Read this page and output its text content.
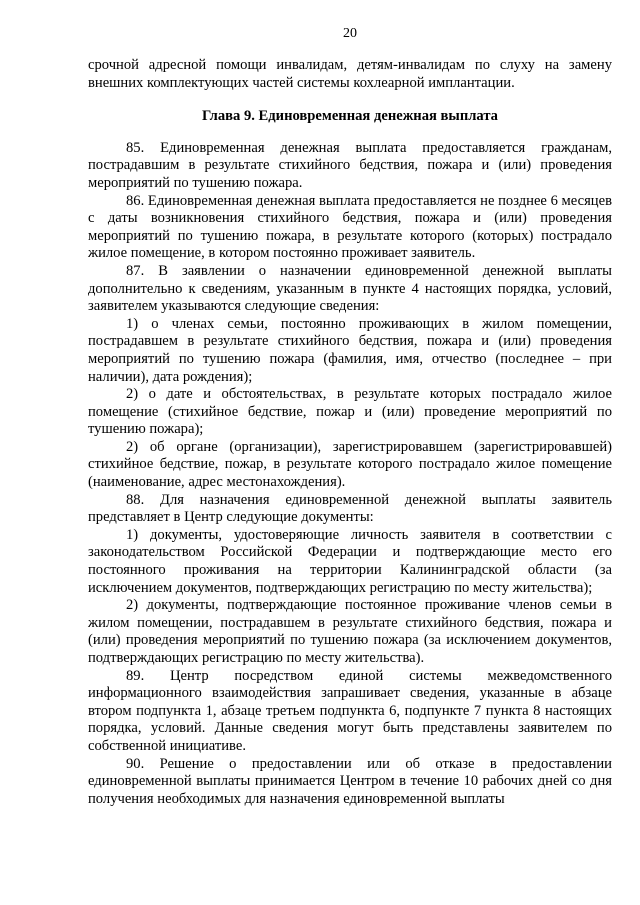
20

срочной адресной помощи инвалидам, детям-инвалидам по слуху на замену внешних комплектующих частей системы кохлеарной имплантации.

Глава 9. Единовременная денежная выплата

85. Единовременная денежная выплата предоставляется гражданам, пострадавшим в результате стихийного бедствия, пожара и (или) проведения мероприятий по тушению пожара.

86. Единовременная денежная выплата предоставляется не позднее 6 месяцев с даты возникновения стихийного бедствия, пожара и (или) проведения мероприятий по тушению пожара, в результате которого (которых) пострадало жилое помещение, в котором постоянно проживает заявитель.

87. В заявлении о назначении единовременной денежной выплаты дополнительно к сведениям, указанным в пункте 4 настоящих порядка, условий, заявителем указываются следующие сведения:

1) о членах семьи, постоянно проживающих в жилом помещении, пострадавшем в результате стихийного бедствия, пожара и (или) проведения мероприятий по тушению пожара (фамилия, имя, отчество (последнее – при наличии), дата рождения);

2) о дате и обстоятельствах, в результате которых пострадало жилое помещение (стихийное бедствие, пожар и (или) проведение мероприятий по тушению пожара);

2) об органе (организации), зарегистрировавшем (зарегистрировавшей) стихийное бедствие, пожар, в результате которого пострадало жилое помещение (наименование, адрес местонахождения).

88. Для назначения единовременной денежной выплаты заявитель представляет в Центр следующие документы:

1) документы, удостоверяющие личность заявителя в соответствии с законодательством Российской Федерации и подтверждающие место его постоянного проживания на территории Калининградской области (за исключением документов, подтверждающих регистрацию по месту жительства);

2) документы, подтверждающие постоянное проживание членов семьи в жилом помещении, пострадавшем в результате стихийного бедствия, пожара и (или) проведения мероприятий по тушению пожара (за исключением документов, подтверждающих регистрацию по месту жительства).

89. Центр посредством единой системы межведомственного информационного взаимодействия запрашивает сведения, указанные в абзаце втором подпункта 1, абзаце третьем подпункта 6, подпункте 7 пункта 8 настоящих порядка, условий. Данные сведения могут быть представлены заявителем по собственной инициативе.

90. Решение о предоставлении или об отказе в предоставлении единовременной выплаты принимается Центром в течение 10 рабочих дней со дня получения необходимых для назначения единовременной выплаты
